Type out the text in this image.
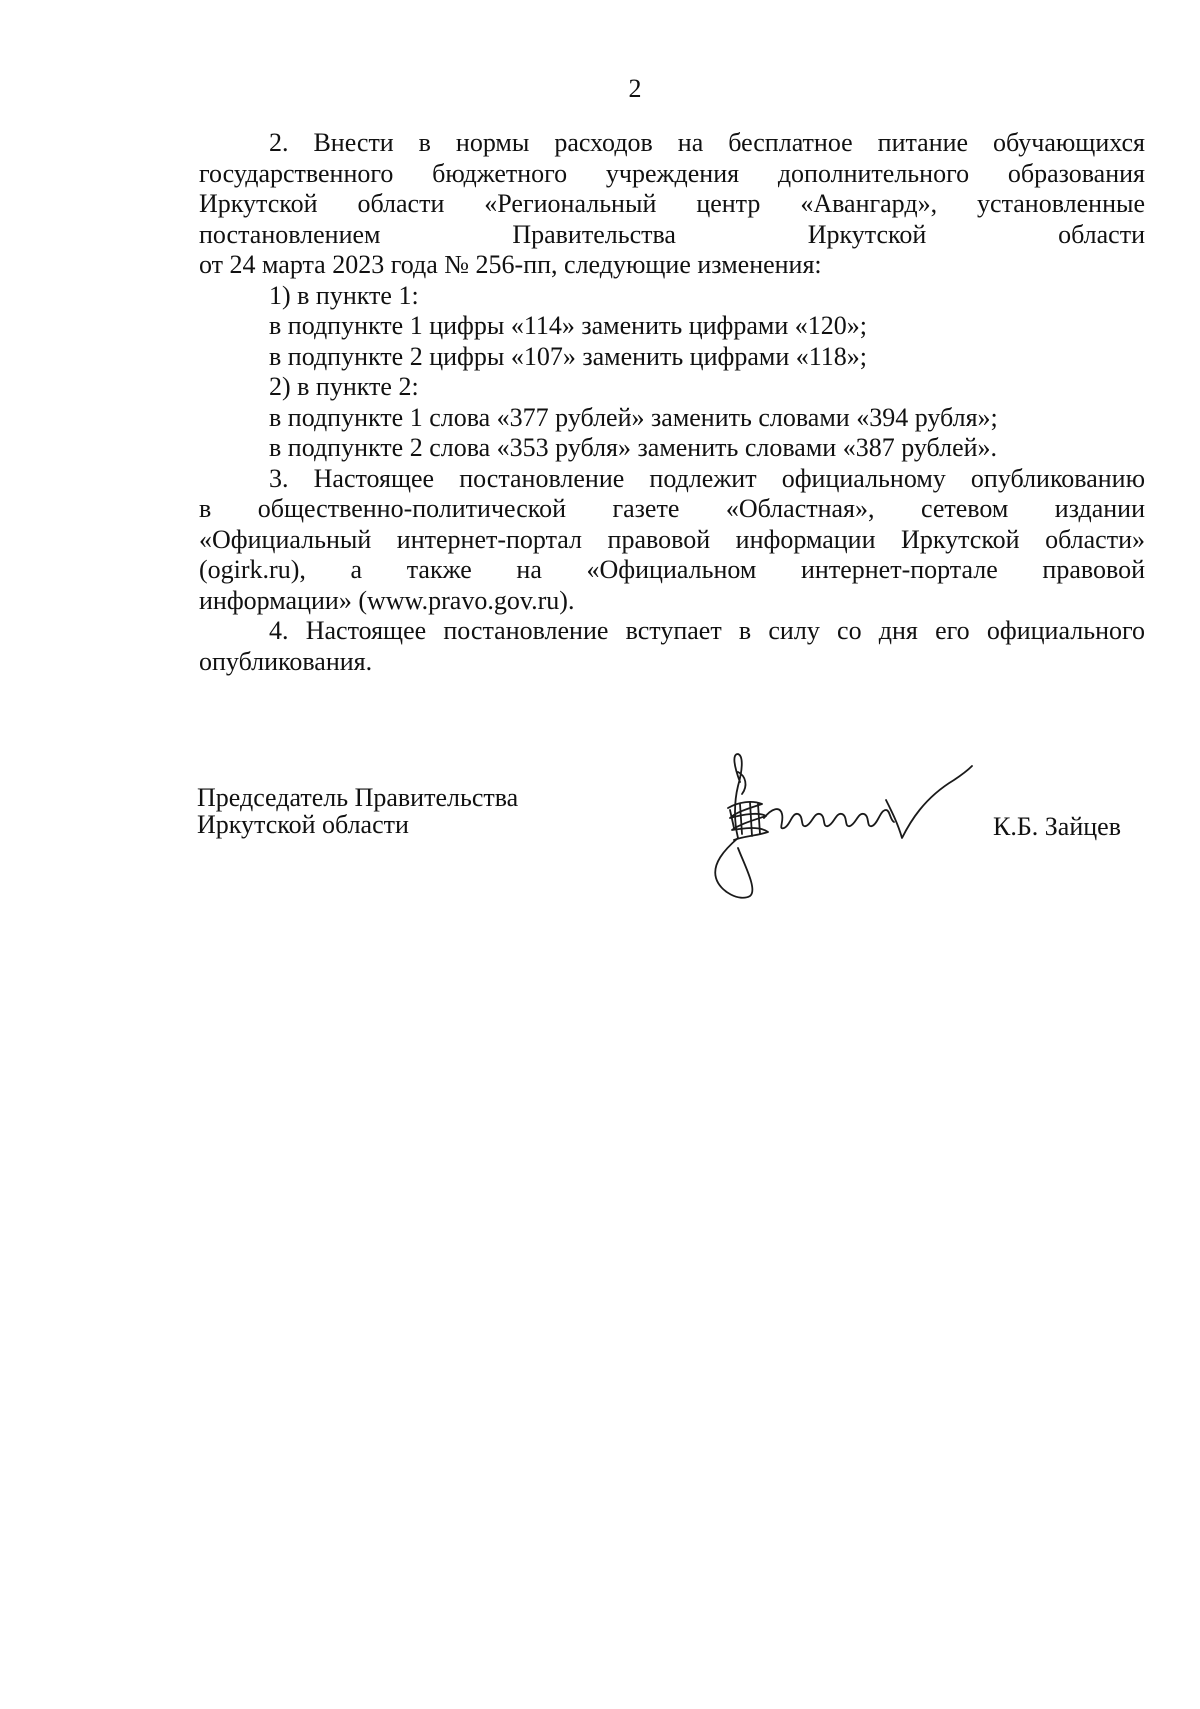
2
2. Внести в нормы расходов на бесплатное питание обучающихся
государственного бюджетного учреждения дополнительного образования
Иркутской области «Региональный центр «Авангард», установленные
постановлением Правительства Иркутской области
от 24 марта 2023 года № 256-пп, следующие изменения:

1) в пункте 1:

в подпункте 1 цифры «114» заменить цифрами «120»;

в подпункте 2 цифры «107» заменить цифрами «118»;

2) в пункте 2:

в подпункте 1 слова «377 рублей» заменить словами «394 рубля»;

в подпункте 2 слова «353 рубля» заменить словами «387 рублей».

3. Настоящее постановление подлежит официальному опубликованию
в общественно-политической газете «Областная», сетевом издании
«Официальный интернет-портал правовой информации Иркутской области»
(ogirk.ru), а также на «Официальном интернет-портале правовой
информации» (www.pravo.gov.ru).
4. Настоящее постановление вступает в силу со дня его официального
опубликования.
Председатель Правительства
Иркутской области	К.Б. Зайцев
